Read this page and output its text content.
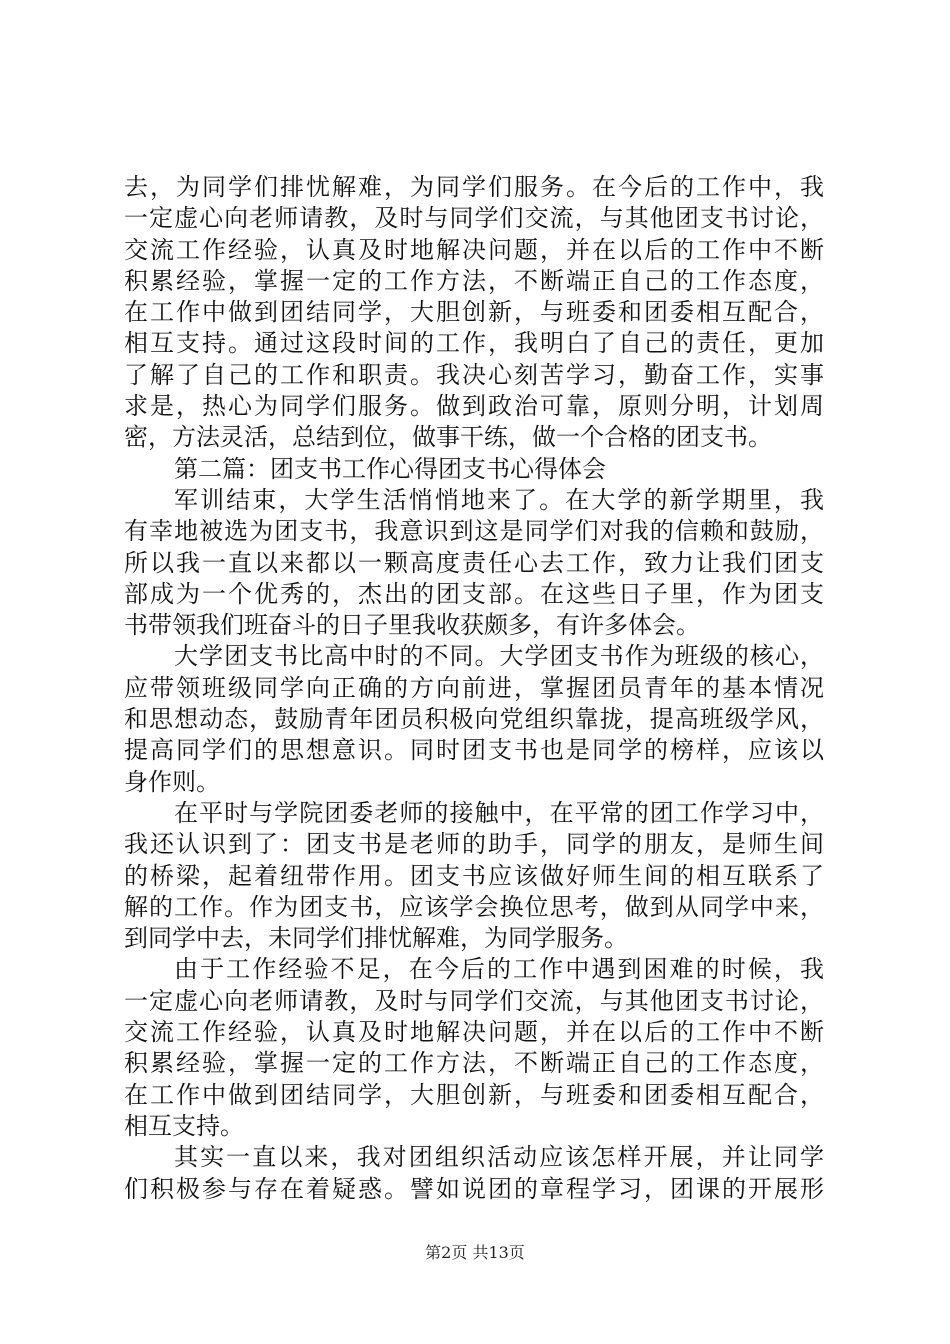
去，为同学们排忧解难，为同学们服务。在今后的工作中，我
一定虚心向老师请教，及时与同学们交流，与其他团支书讨论，
交流工作经验，认真及时地解决问题，并在以后的工作中不断
积累经验，掌握一定的工作方法，不断端正自己的工作态度，
在工作中做到团结同学，大胆创新，与班委和团委相互配合，
相互支持。通过这段时间的工作，我明白了自己的责任，更加
了解了自己的工作和职责。我决心刻苦学习，勤奋工作，实事
求是，热心为同学们服务。做到政治可靠，原则分明，计划周
密，方法灵活，总结到位，做事干练，做一个合格的团支书。
第二篇：团支书工作心得团支书心得体会
军训结束，大学生活悄悄地来了。在大学的新学期里，我
有幸地被选为团支书，我意识到这是同学们对我的信赖和鼓励，
所以我一直以来都以一颗高度责任心去工作，致力让我们团支
部成为一个优秀的，杰出的团支部。在这些日子里，作为团支
书带领我们班奋斗的日子里我收获颇多，有许多体会。
大学团支书比高中时的不同。大学团支书作为班级的核心，
应带领班级同学向正确的方向前进，掌握团员青年的基本情况
和思想动态，鼓励青年团员积极向党组织靠拢，提高班级学风，
提高同学们的思想意识。同时团支书也是同学的榜样，应该以
身作则。
在平时与学院团委老师的接触中，在平常的团工作学习中，
我还认识到了：团支书是老师的助手，同学的朋友，是师生间
的桥梁，起着纽带作用。团支书应该做好师生间的相互联系了
解的工作。作为团支书，应该学会换位思考，做到从同学中来，
到同学中去，未同学们排忧解难，为同学服务。
由于工作经验不足，在今后的工作中遇到困难的时候，我
一定虚心向老师请教，及时与同学们交流，与其他团支书讨论，
交流工作经验，认真及时地解决问题，并在以后的工作中不断
积累经验，掌握一定的工作方法，不断端正自己的工作态度，
在工作中做到团结同学，大胆创新，与班委和团委相互配合，
相互支持。
其实一直以来，我对团组织活动应该怎样开展，并让同学
们积极参与存在着疑惑。譬如说团的章程学习，团课的开展形
第2页 共13页
